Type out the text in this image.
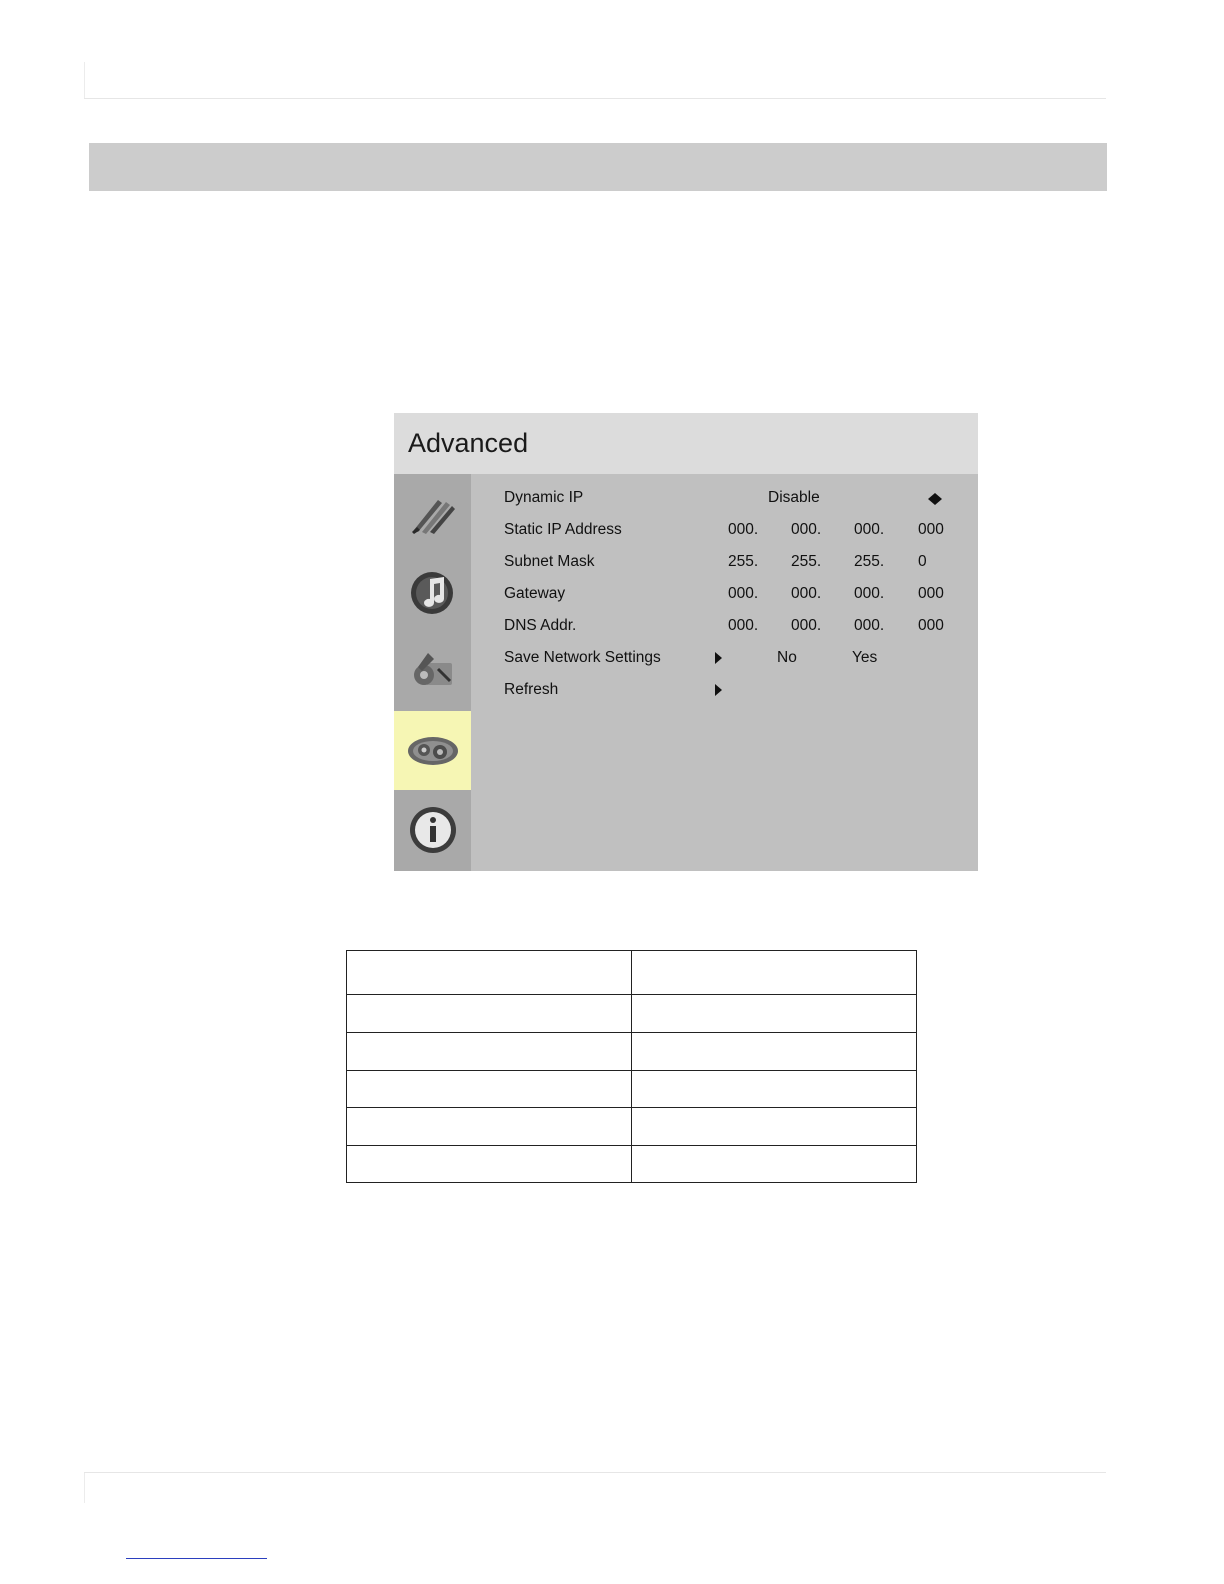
Advanced
Dynamic IP	Disable
Static IP Address	000. 000. 000. 000
Subnet Mask	255. 255. 255. 0
Gateway	000. 000. 000. 000
DNS Addr.	000. 000. 000. 000
Save Network Settings	No	Yes
Refresh
